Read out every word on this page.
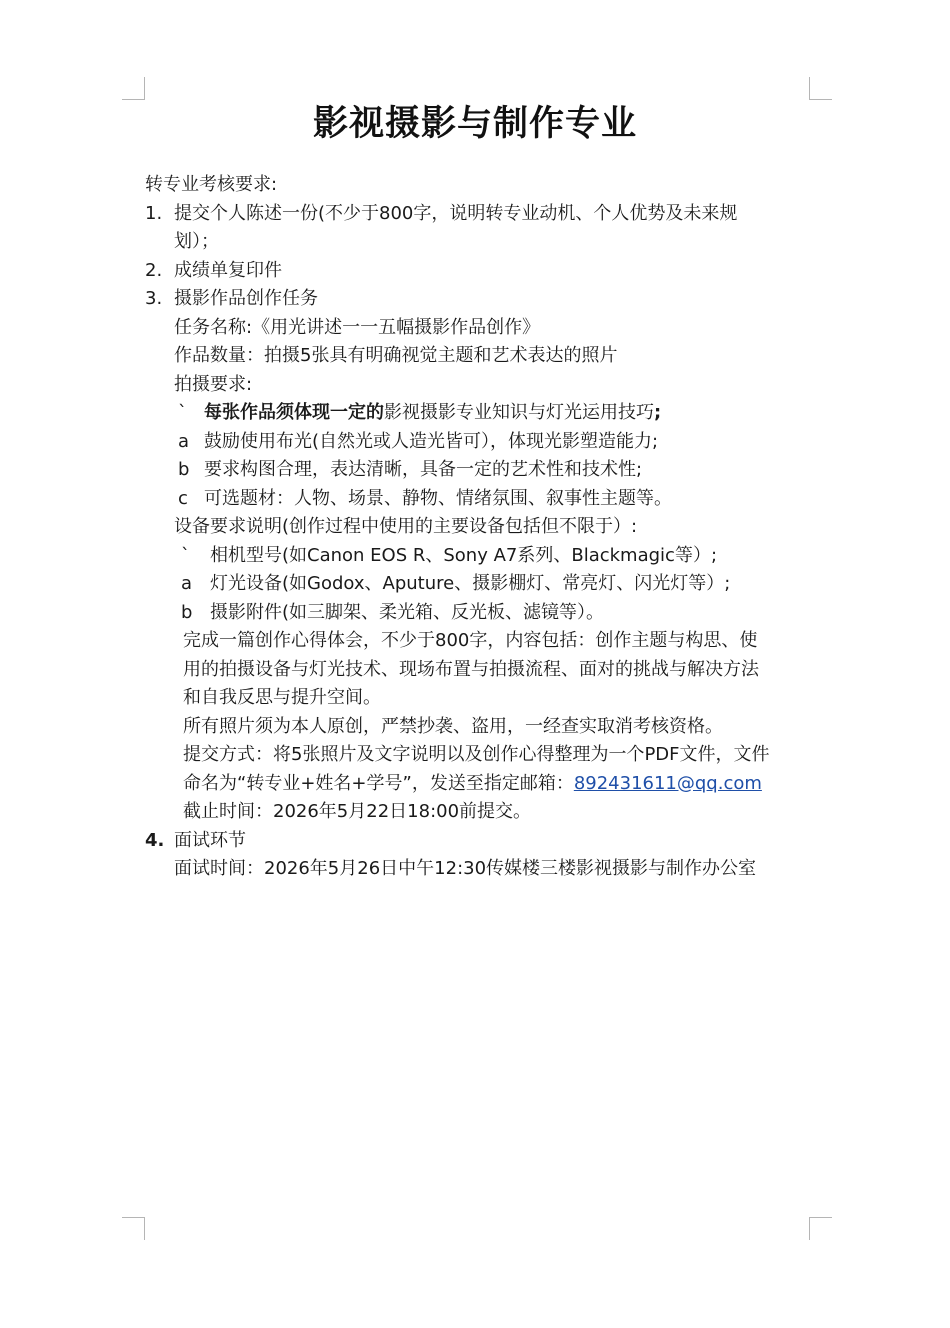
影视摄影与制作专业
转专业考核要求:
1. 提交个人陈述一份(不少于800字，说明转专业动机、个人优势及未来规
划）；
2. 成绩单复印件
3. 摄影作品创作任务
任务名称:《用光讲述一一五幅摄影作品创作》
作品数量：拍摄5张具有明确视觉主题和艺术表达的照片
拍摄要求:
` 每张作品须体现一定的影视摄影专业知识与灯光运用技巧;
a 鼓励使用布光(自然光或人造光皆可），体现光影塑造能力;
b 要求构图合理，表达清晰，具备一定的艺术性和技术性;
c 可选题材：人物、场景、静物、情绪氛围、叙事性主题等。
设备要求说明(创作过程中使用的主要设备包括但不限于）:
` 相机型号(如Canon EOS R、Sony A7系列、Blackmagic等）;
a 灯光设备(如Godox、Aputure、摄影棚灯、常亮灯、闪光灯等）;
b 摄影附件(如三脚架、柔光箱、反光板、滤镜等）。
完成一篇创作心得体会，不少于800字，内容包括：创作主题与构思、使
用的拍摄设备与灯光技术、现场布置与拍摄流程、面对的挑战与解决方法
和自我反思与提升空间。
所有照片须为本人原创，严禁抄袭、盗用，一经查实取消考核资格。
提交方式：将5张照片及文字说明以及创作心得整理为一个PDF文件，文件
命名为“转专业+姓名+学号”，发送至指定邮箱：892431611@qq.com
截止时间：2026年5月22日18:00前提交。
4. 面试环节
面试时间：2026年5月26日中午12:30传媒楼三楼影视摄影与制作办公室
